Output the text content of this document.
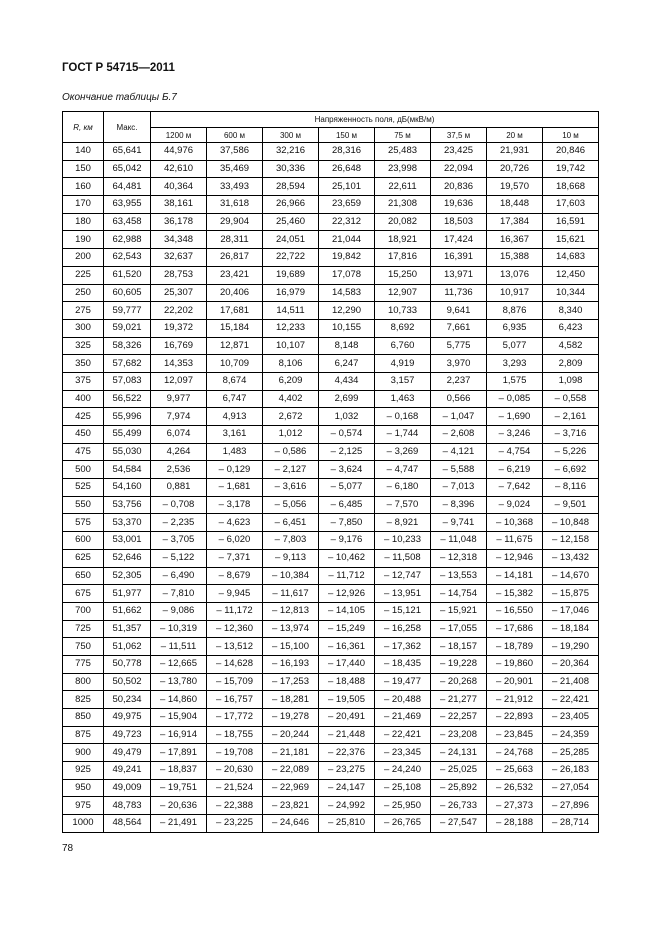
ГОСТ Р 54715—2011
Окончание таблицы Б.7
R, км	Макс.	Напряженность поля, дБ(мкВ/м)							
		1200 м	600 м	300 м	150 м	75 м	37,5 м	20 м	10 м
140	65,641	44,976	37,586	32,216	28,316	25,483	23,425	21,931	20,846
150	65,042	42,610	35,469	30,336	26,648	23,998	22,094	20,726	19,742
160	64,481	40,364	33,493	28,594	25,101	22,611	20,836	19,570	18,668
170	63,955	38,161	31,618	26,966	23,659	21,308	19,636	18,448	17,603
180	63,458	36,178	29,904	25,460	22,312	20,082	18,503	17,384	16,591
190	62,988	34,348	28,311	24,051	21,044	18,921	17,424	16,367	15,621
200	62,543	32,637	26,817	22,722	19,842	17,816	16,391	15,388	14,683
225	61,520	28,753	23,421	19,689	17,078	15,250	13,971	13,076	12,450
250	60,605	25,307	20,406	16,979	14,583	12,907	11,736	10,917	10,344
275	59,777	22,202	17,681	14,511	12,290	10,733	9,641	8,876	8,340
300	59,021	19,372	15,184	12,233	10,155	8,692	7,661	6,935	6,423
325	58,326	16,769	12,871	10,107	8,148	6,760	5,775	5,077	4,582
350	57,682	14,353	10,709	8,106	6,247	4,919	3,970	3,293	2,809
375	57,083	12,097	8,674	6,209	4,434	3,157	2,237	1,575	1,098
400	56,522	9,977	6,747	4,402	2,699	1,463	0,566	– 0,085	– 0,558
425	55,996	7,974	4,913	2,672	1,032	– 0,168	– 1,047	– 1,690	– 2,161
450	55,499	6,074	3,161	1,012	– 0,574	– 1,744	– 2,608	– 3,246	– 3,716
475	55,030	4,264	1,483	– 0,586	– 2,125	– 3,269	– 4,121	– 4,754	– 5,226
500	54,584	2,536	– 0,129	– 2,127	– 3,624	– 4,747	– 5,588	– 6,219	– 6,692
525	54,160	0,881	– 1,681	– 3,616	– 5,077	– 6,180	– 7,013	– 7,642	– 8,116
550	53,756	– 0,708	– 3,178	– 5,056	– 6,485	– 7,570	– 8,396	– 9,024	– 9,501
575	53,370	– 2,235	– 4,623	– 6,451	– 7,850	– 8,921	– 9,741	– 10,368	– 10,848
600	53,001	– 3,705	– 6,020	– 7,803	– 9,176	– 10,233	– 11,048	– 11,675	– 12,158
625	52,646	– 5,122	– 7,371	– 9,113	– 10,462	– 11,508	– 12,318	– 12,946	– 13,432
650	52,305	– 6,490	– 8,679	– 10,384	– 11,712	– 12,747	– 13,553	– 14,181	– 14,670
675	51,977	– 7,810	– 9,945	– 11,617	– 12,926	– 13,951	– 14,754	– 15,382	– 15,875
700	51,662	– 9,086	– 11,172	– 12,813	– 14,105	– 15,121	– 15,921	– 16,550	– 17,046
725	51,357	– 10,319	– 12,360	– 13,974	– 15,249	– 16,258	– 17,055	– 17,686	– 18,184
750	51,062	– 11,511	– 13,512	– 15,100	– 16,361	– 17,362	– 18,157	– 18,789	– 19,290
775	50,778	– 12,665	– 14,628	– 16,193	– 17,440	– 18,435	– 19,228	– 19,860	– 20,364
800	50,502	– 13,780	– 15,709	– 17,253	– 18,488	– 19,477	– 20,268	– 20,901	– 21,408
825	50,234	– 14,860	– 16,757	– 18,281	– 19,505	– 20,488	– 21,277	– 21,912	– 22,421
850	49,975	– 15,904	– 17,772	– 19,278	– 20,491	– 21,469	– 22,257	– 22,893	– 23,405
875	49,723	– 16,914	– 18,755	– 20,244	– 21,448	– 22,421	– 23,208	– 23,845	– 24,359
900	49,479	– 17,891	– 19,708	– 21,181	– 22,376	– 23,345	– 24,131	– 24,768	– 25,285
925	49,241	– 18,837	– 20,630	– 22,089	– 23,275	– 24,240	– 25,025	– 25,663	– 26,183
950	49,009	– 19,751	– 21,524	– 22,969	– 24,147	– 25,108	– 25,892	– 26,532	– 27,054
975	48,783	– 20,636	– 22,388	– 23,821	– 24,992	– 25,950	– 26,733	– 27,373	– 27,896
1000	48,564	– 21,491	– 23,225	– 24,646	– 25,810	– 26,765	– 27,547	– 28,188	– 28,714
78
